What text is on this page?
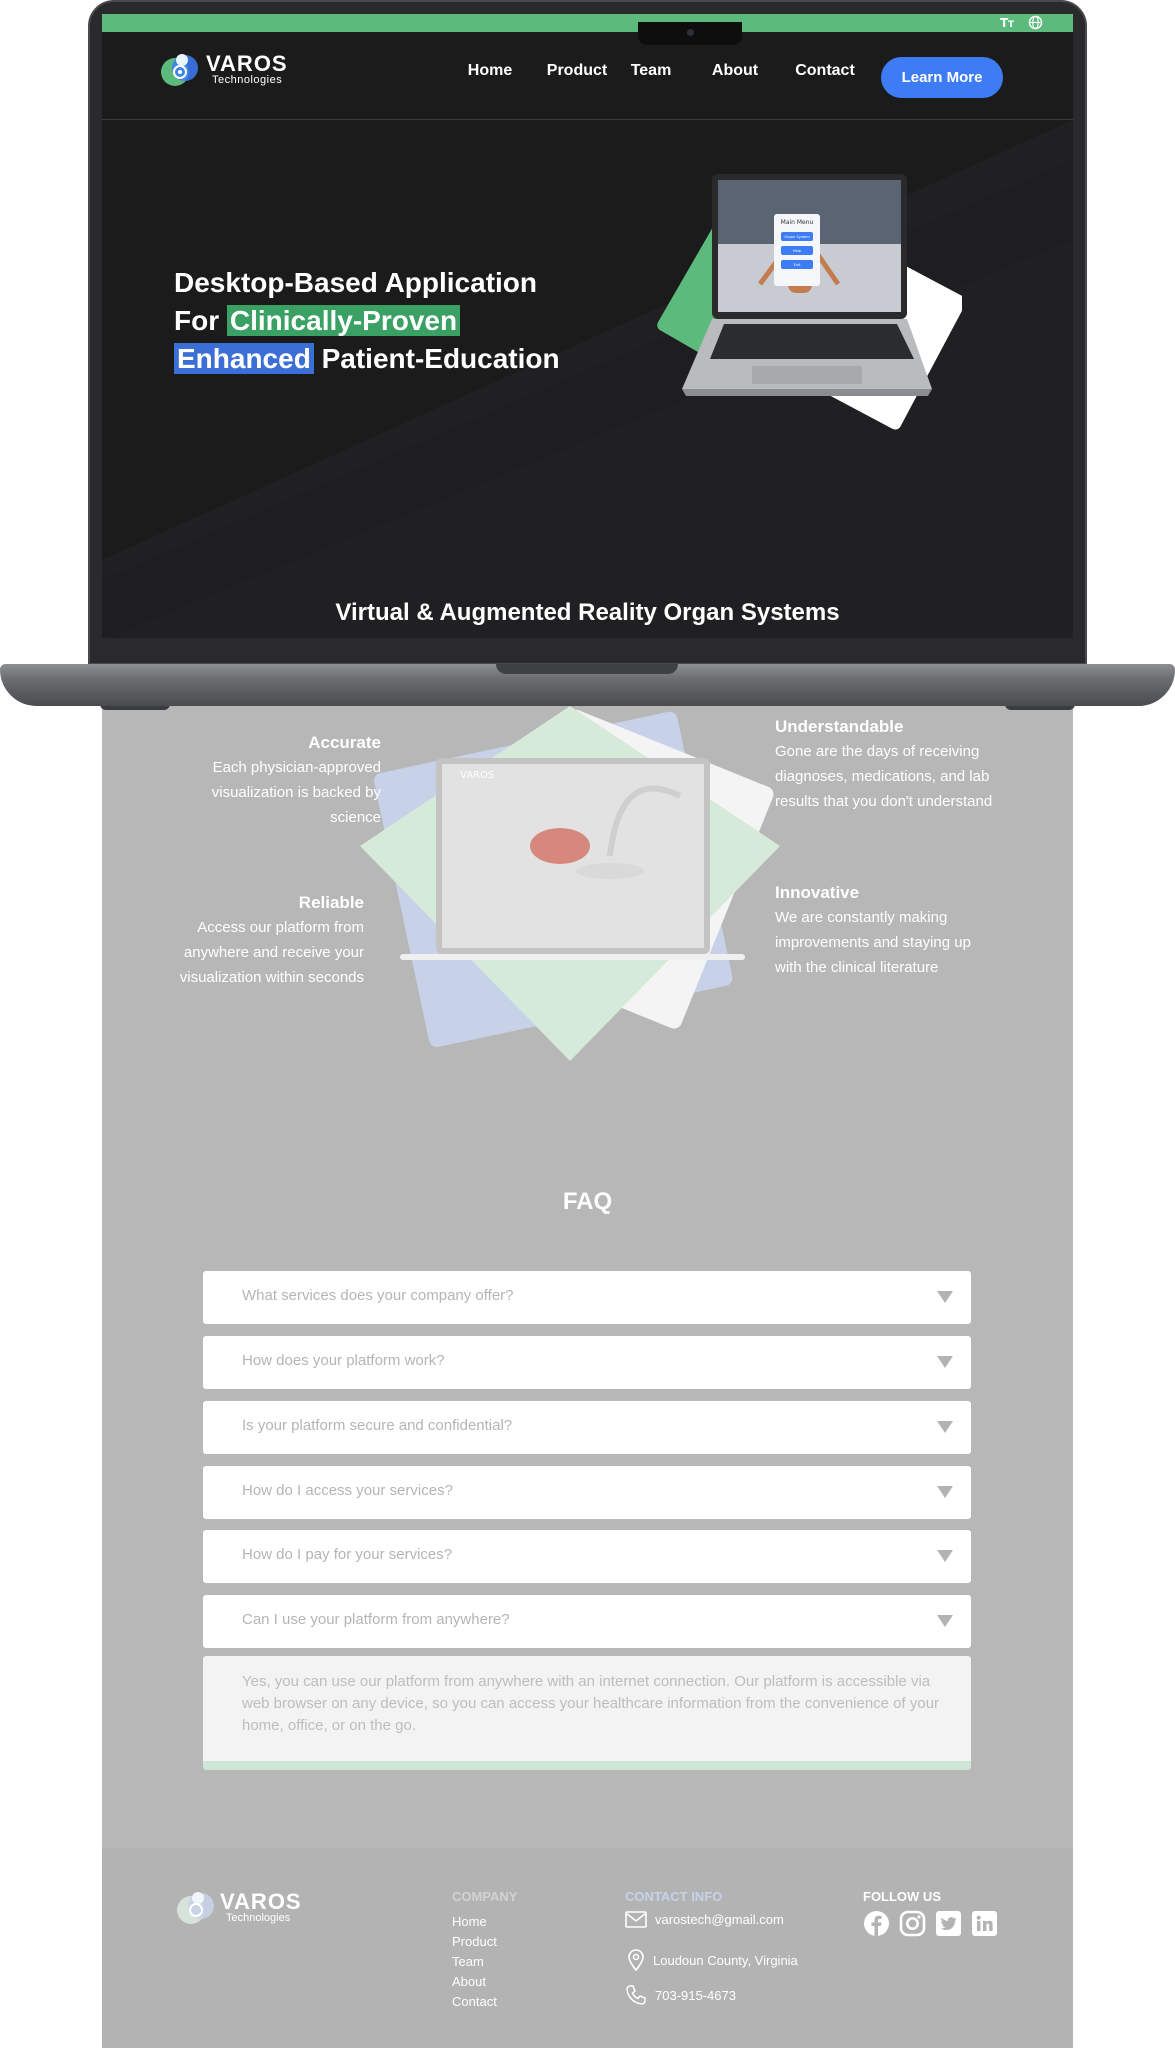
T T
VAROS
Technologies
Home	Product	Team	About	Contact	Learn More
Desktop-Based Application
For Clinically-Proven
Enhanced Patient-Education
Main Menu
Organ System
Help
Exit
Virtual & Augmented Reality Organ Systems
VAROS
Accurate

Each physician-approved

visualization is backed by

science

Understandable

Gone are the days of receiving

diagnoses, medications, and lab

results that you don't understand

Reliable

Access our platform from

anywhere and receive your

visualization within seconds

Innovative

We are constantly making

improvements and staying up

with the clinical literature

FAQ
What services does your company offer?
How does your platform work?
Is your platform secure and confidential?
How do I access your services?
How do I pay for your services?
Can I use your platform from anywhere?
Yes, you can use our platform from anywhere with an internet connection. Our platform is accessible via web browser on any device, so you can access your healthcare information from the convenience of your home, office, or on the go.
VAROS
Technologies
COMPANY
Home
Product
Team
About
Contact
CONTACT INFO
varostech@gmail.com
Loudoun County, Virginia
703-915-4673
FOLLOW US
